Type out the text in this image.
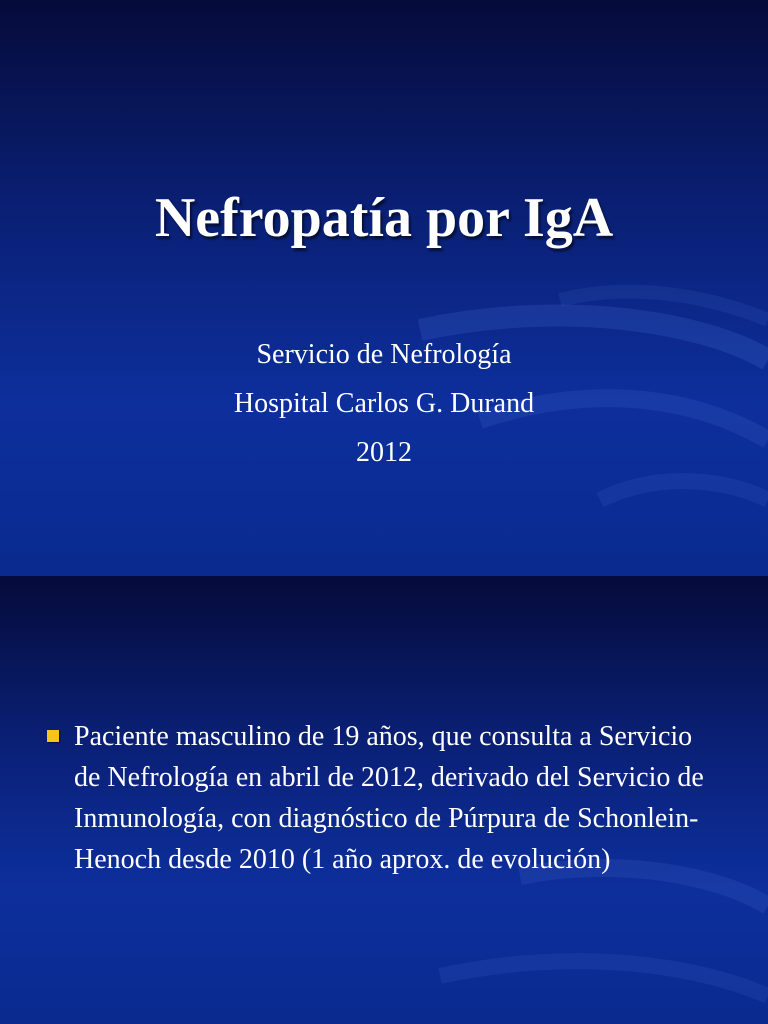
Nefropatía por IgA
Servicio de Nefrología
Hospital Carlos G. Durand
2012
Paciente masculino de 19 años, que consulta a Servicio de Nefrología en abril de 2012, derivado del Servicio de Inmunología, con diagnóstico de Púrpura de Schonlein-Henoch desde 2010 (1 año aprox. de evolución)
